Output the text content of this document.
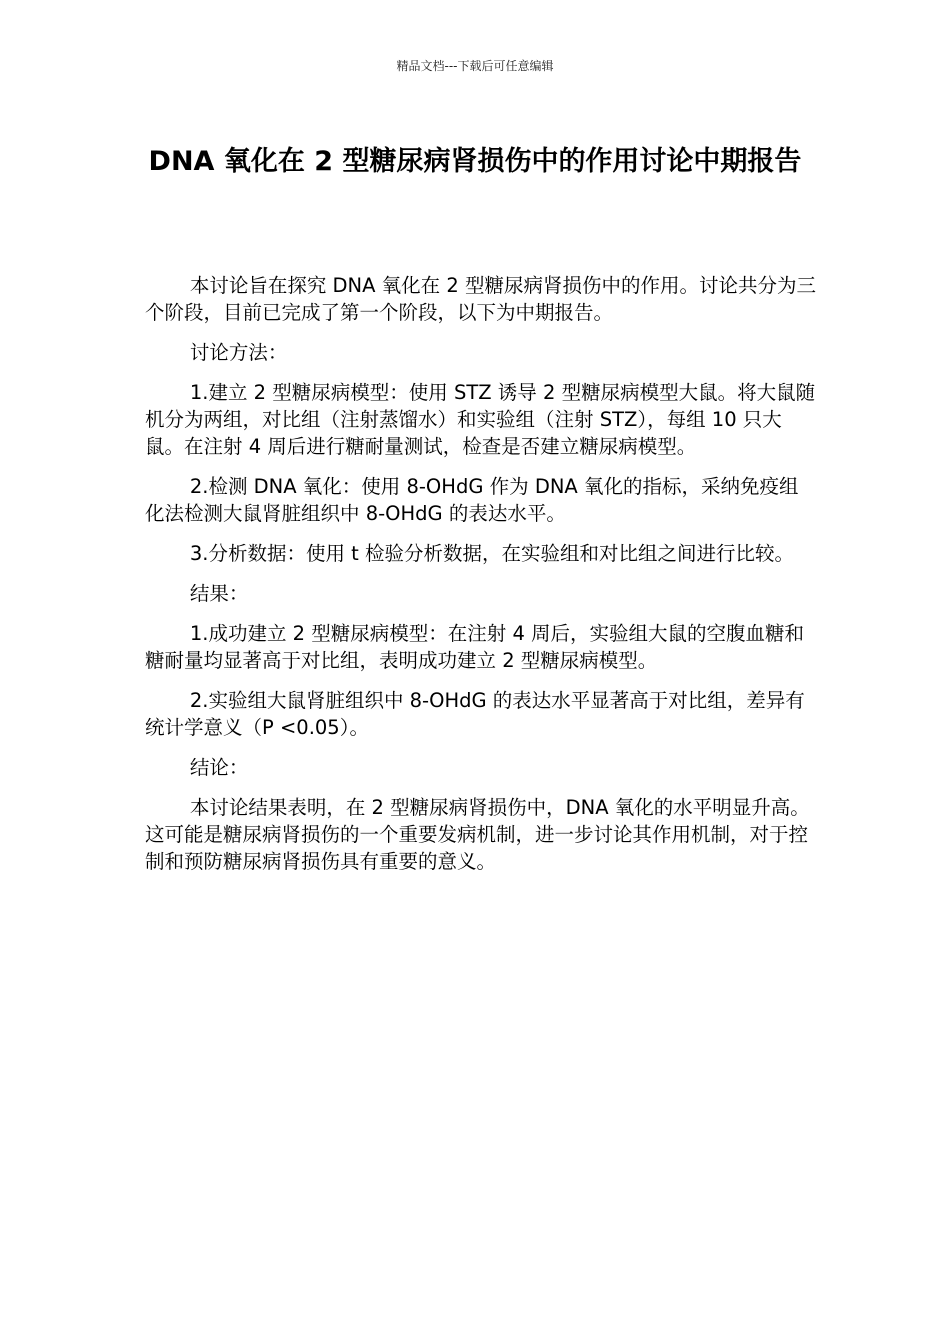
精品文档---下载后可任意编辑
DNA 氧化在 2 型糖尿病肾损伤中的作用讨论中期报告

本讨论旨在探究 DNA 氧化在 2 型糖尿病肾损伤中的作用。讨论共分为三个阶段，目前已完成了第一个阶段，以下为中期报告。

讨论方法：

1.建立 2 型糖尿病模型：使用 STZ 诱导 2 型糖尿病模型大鼠。将大鼠随机分为两组，对比组（注射蒸馏水）和实验组（注射 STZ），每组 10 只大鼠。在注射 4 周后进行糖耐量测试，检查是否建立糖尿病模型。

2.检测 DNA 氧化：使用 8-OHdG 作为 DNA 氧化的指标，采纳免疫组化法检测大鼠肾脏组织中 8-OHdG 的表达水平。

3.分析数据：使用 t 检验分析数据，在实验组和对比组之间进行比较。

结果：

1.成功建立 2 型糖尿病模型：在注射 4 周后，实验组大鼠的空腹血糖和糖耐量均显著高于对比组，表明成功建立 2 型糖尿病模型。

2.实验组大鼠肾脏组织中 8-OHdG 的表达水平显著高于对比组，差异有统计学意义（P <0.05）。

结论：

本讨论结果表明，在 2 型糖尿病肾损伤中，DNA 氧化的水平明显升高。这可能是糖尿病肾损伤的一个重要发病机制，进一步讨论其作用机制，对于控制和预防糖尿病肾损伤具有重要的意义。
